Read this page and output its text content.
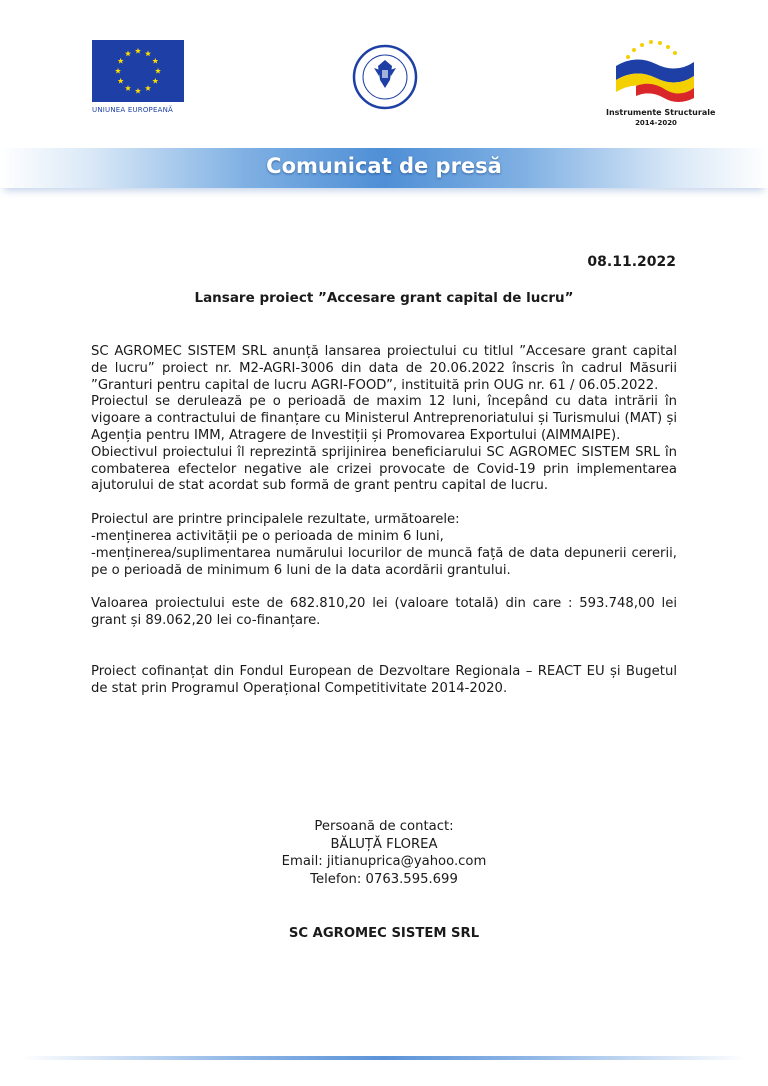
UNIUNEA EUROPEANĂ	Instrumente Structurale
2014-2020
Comunicat de presă
08.11.2022
Lansare proiect ”Accesare grant capital de lucru”

SC AGROMEC SISTEM SRL anunță lansarea proiectului cu titlul ”Accesare grant capital de lucru” proiect nr. M2-AGRI-3006 din data de 20.06.2022 înscris în cadrul Măsurii ”Granturi pentru capital de lucru AGRI-FOOD”, instituită prin OUG nr. 61 / 06.05.2022.

Proiectul se derulează pe o perioadă de maxim 12 luni, începând cu data intrării în vigoare a contractului de finanțare cu Ministerul Antreprenoriatului și Turismului (MAT) și Agenția pentru IMM, Atragere de Investiții și Promovarea Exportului (AIMMAIPE).

Obiectivul proiectului îl reprezintă sprijinirea beneficiarului SC AGROMEC SISTEM SRL în combaterea efectelor negative ale crizei provocate de Covid-19 prin implementarea ajutorului de stat acordat sub formă de grant pentru capital de lucru.

Proiectul are printre principalele rezultate, următoarele:

-menținerea activității pe o perioada de minim 6 luni,

-menținerea/suplimentarea numărului locurilor de muncă față de data depunerii cererii, pe o perioadă de minimum 6 luni de la data acordării grantului.

Valoarea proiectului este de 682.810,20 lei (valoare totală) din care : 593.748,00 lei grant și 89.062,20 lei co-finanțare.

Proiect cofinanțat din Fondul European de Dezvoltare Regionala – REACT EU și Bugetul de stat prin Programul Operațional Competitivitate 2014-2020.

Persoană de contact:
BĂLUȚĂ FLOREA
Email: jitianuprica@yahoo.com
Telefon: 0763.595.699
SC AGROMEC SISTEM SRL
